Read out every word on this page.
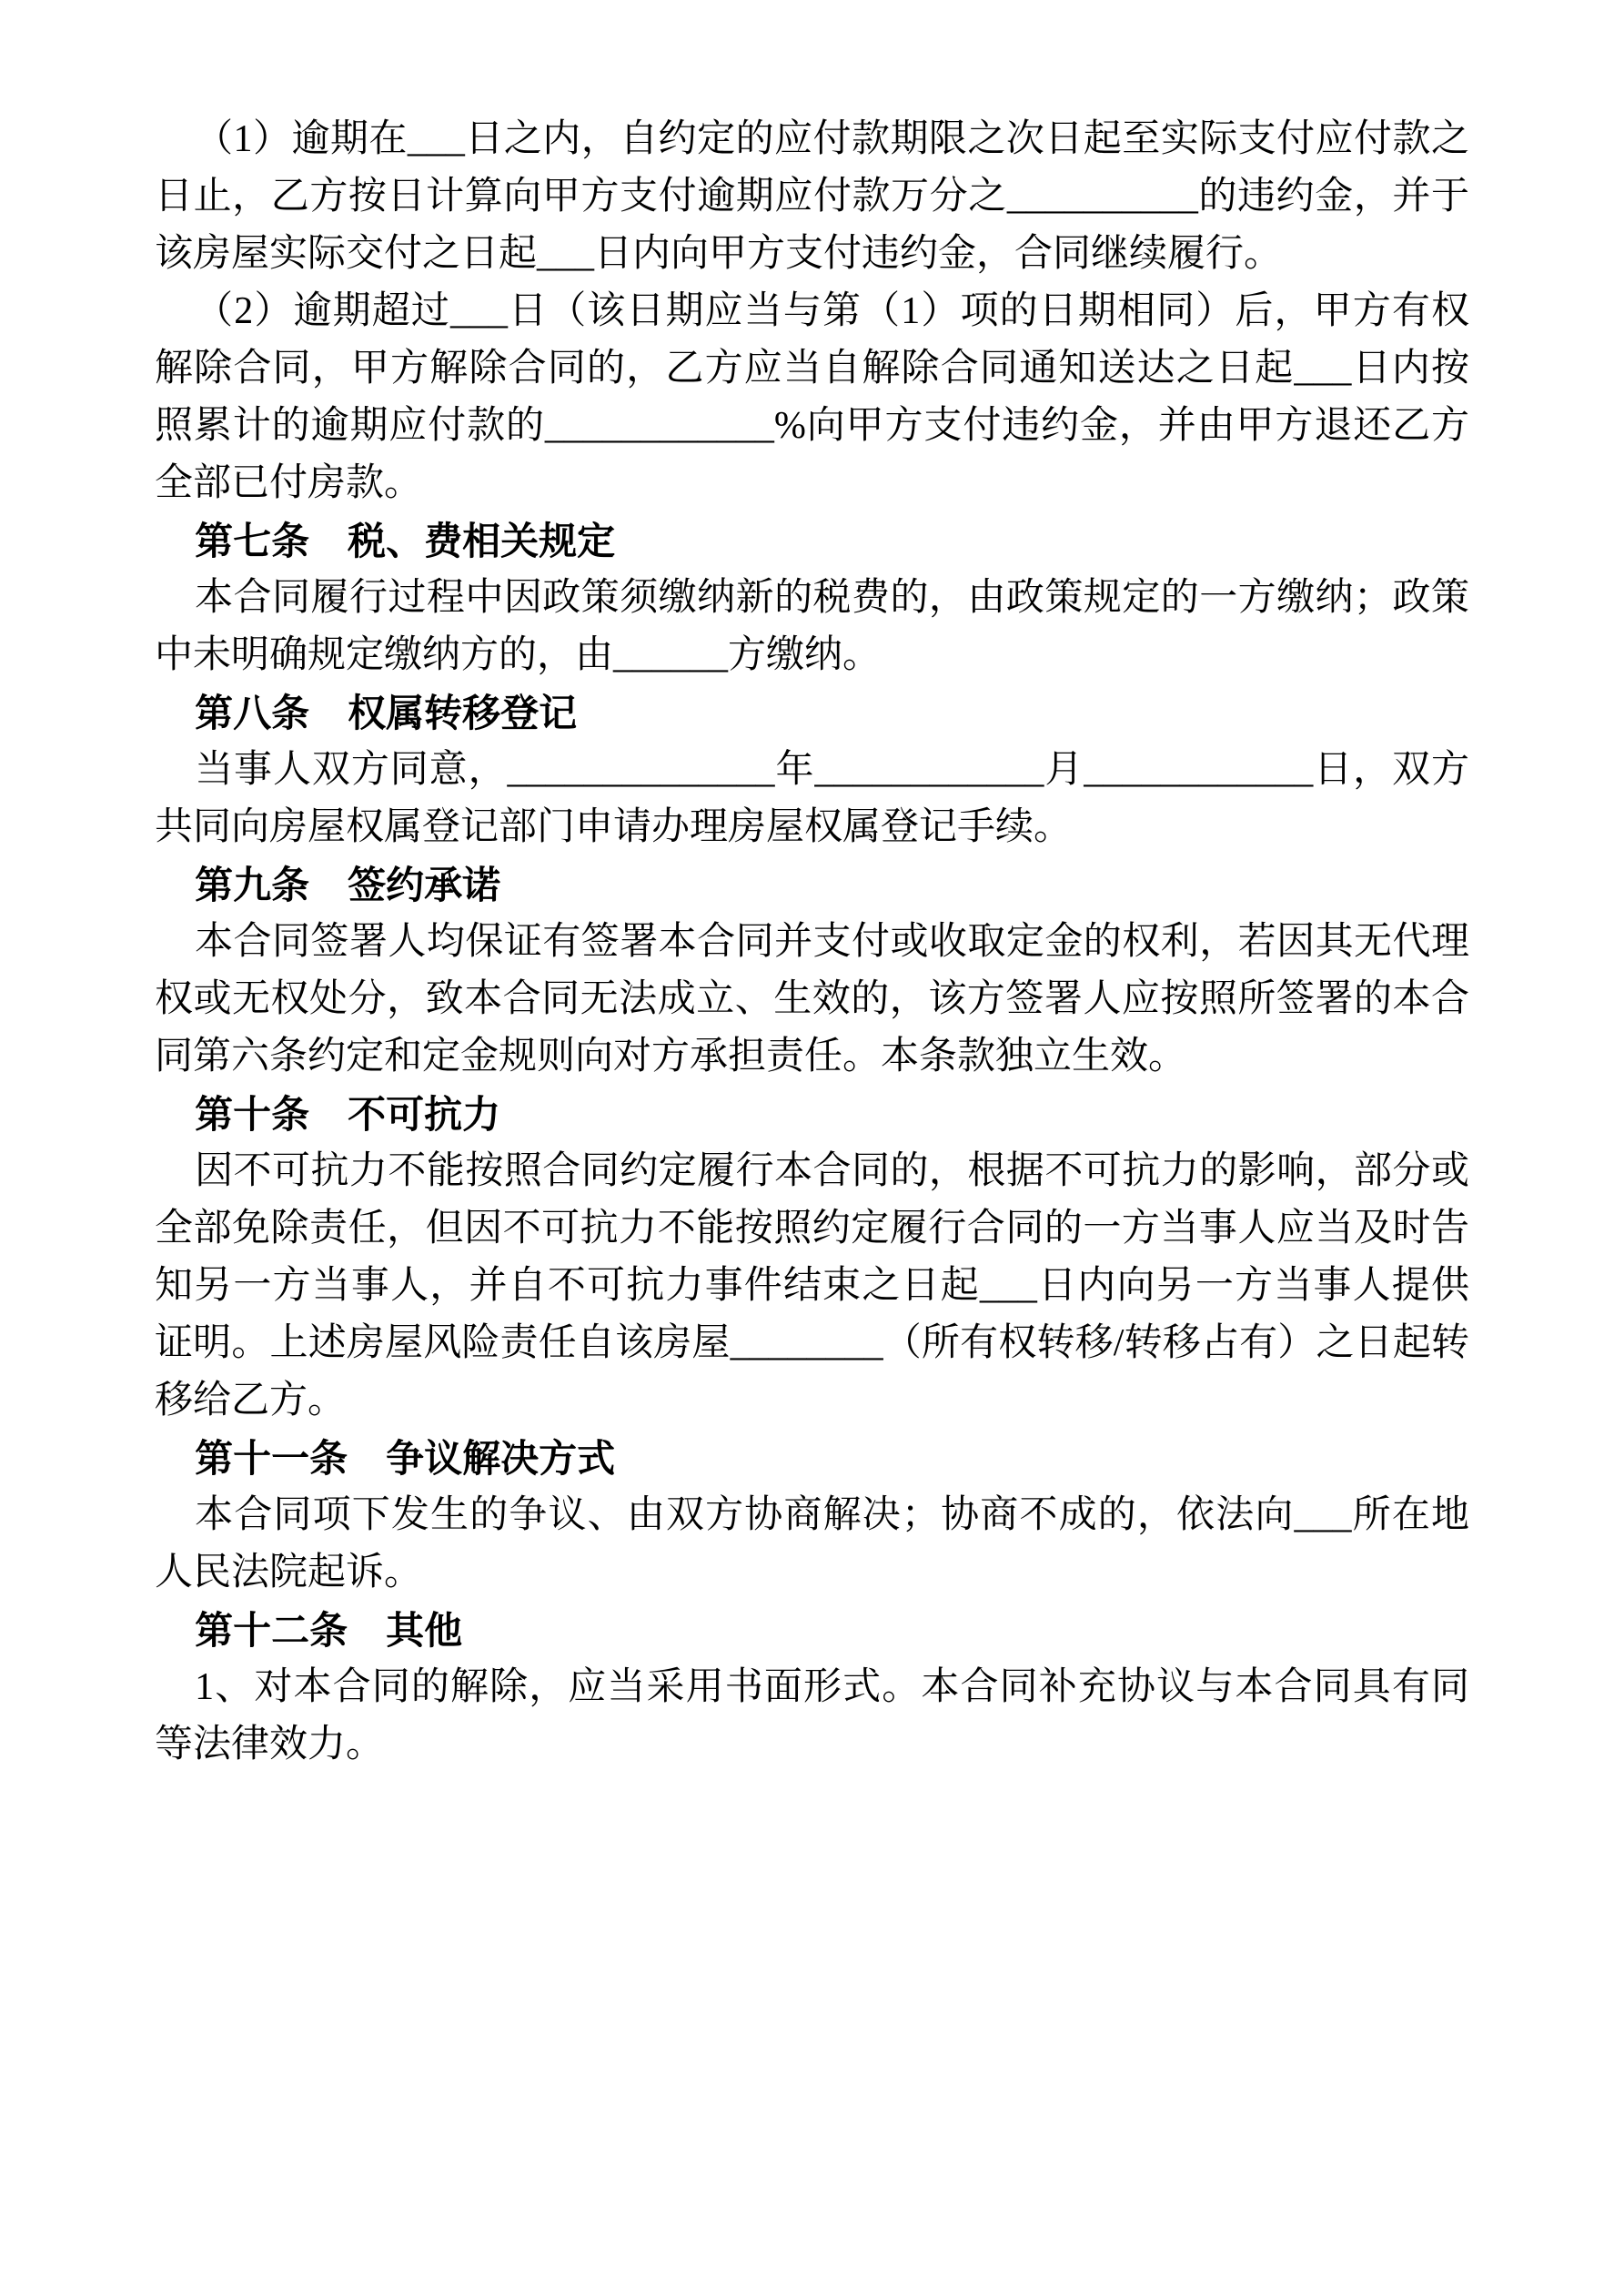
（1）逾期在___日之内，自约定的应付款期限之次日起至实际支付应付款之日止，乙方按日计算向甲方支付逾期应付款万分之__________的违约金，并于该房屋实际交付之日起___日内向甲方支付违约金，合同继续履行。

（2）逾期超过___日（该日期应当与第（1）项的日期相同）后，甲方有权解除合同，甲方解除合同的，乙方应当自解除合同通知送达之日起___日内按照累计的逾期应付款的____________%向甲方支付违约金，并由甲方退还乙方全部已付房款。

第七条　税、费相关规定

本合同履行过程中因政策须缴纳新的税费的，由政策规定的一方缴纳；政策中未明确规定缴纳方的，由______方缴纳。

第八条　权属转移登记

当事人双方同意，______________年____________月____________日，双方共同向房屋权属登记部门申请办理房屋权属登记手续。

第九条　签约承诺

本合同签署人均保证有签署本合同并支付或收取定金的权利，若因其无代理权或无权处分，致本合同无法成立、生效的，该方签署人应按照所签署的本合同第六条约定和定金规则向对方承担责任。本条款独立生效。

第十条　不可抗力

因不可抗力不能按照合同约定履行本合同的，根据不可抗力的影响，部分或全部免除责任，但因不可抗力不能按照约定履行合同的一方当事人应当及时告知另一方当事人，并自不可抗力事件结束之日起___日内向另一方当事人提供证明。上述房屋风险责任自该房屋________（所有权转移/转移占有）之日起转移给乙方。

第十一条　争议解决方式

本合同项下发生的争议、由双方协商解决；协商不成的，依法向___所在地人民法院起诉。

第十二条　其他

1、对本合同的解除，应当采用书面形式。本合同补充协议与本合同具有同等法律效力。
